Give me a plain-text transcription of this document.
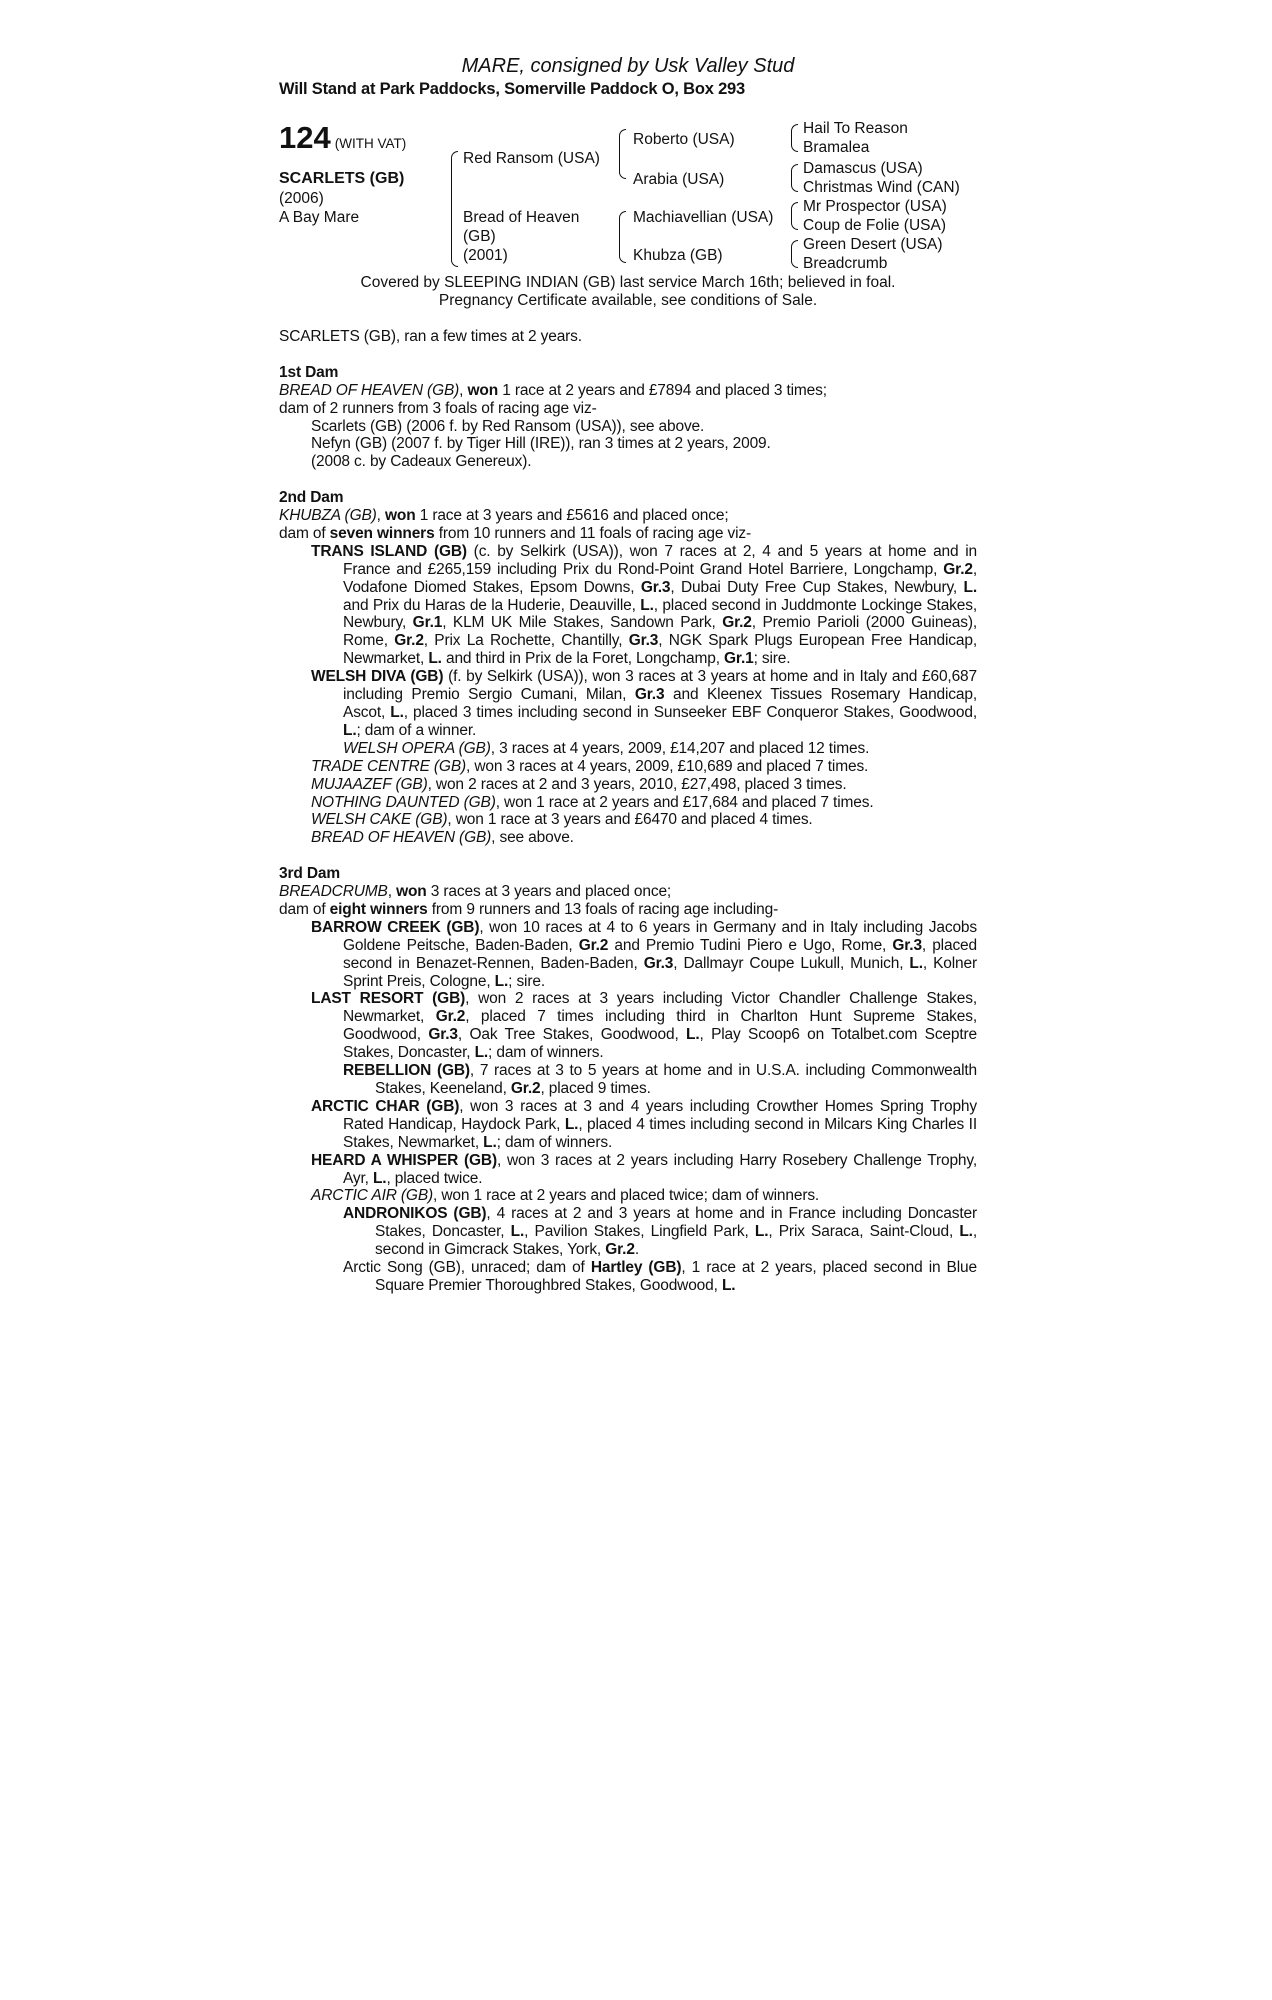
MARE, consigned by Usk Valley Stud
Will Stand at Park Paddocks, Somerville Paddock O, Box 293
124 (WITH VAT)
SCARLETS (GB)
(2006)
A Bay Mare
Red Ransom (USA)
Bread of Heaven
(GB)
(2001)
Roberto (USA)
Arabia (USA)
Machiavellian (USA)
Khubza (GB)
Hail To Reason
Bramalea
Damascus (USA)
Christmas Wind (CAN)
Mr Prospector (USA)
Coup de Folie (USA)
Green Desert (USA)
Breadcrumb
Covered by SLEEPING INDIAN (GB) last service March 16th; believed in foal.
Pregnancy Certificate available, see conditions of Sale.

SCARLETS (GB), ran a few times at 2 years.

1st Dam

BREAD OF HEAVEN (GB), won 1 race at 2 years and £7894 and placed 3 times;

dam of 2 runners from 3 foals of racing age viz-

Scarlets (GB) (2006 f. by Red Ransom (USA)), see above.

Nefyn (GB) (2007 f. by Tiger Hill (IRE)), ran 3 times at 2 years, 2009.

(2008 c. by Cadeaux Genereux).

2nd Dam

KHUBZA (GB), won 1 race at 3 years and £5616 and placed once;

dam of seven winners from 10 runners and 11 foals of racing age viz-

TRANS ISLAND (GB) (c. by Selkirk (USA)), won 7 races at 2, 4 and 5 years at home and in France and £265,159 including Prix du Rond-Point Grand Hotel Barriere, Longchamp, Gr.2, Vodafone Diomed Stakes, Epsom Downs, Gr.3, Dubai Duty Free Cup Stakes, Newbury, L. and Prix du Haras de la Huderie, Deauville, L., placed second in Juddmonte Lockinge Stakes, Newbury, Gr.1, KLM UK Mile Stakes, Sandown Park, Gr.2, Premio Parioli (2000 Guineas), Rome, Gr.2, Prix La Rochette, Chantilly, Gr.3, NGK Spark Plugs European Free Handicap, Newmarket, L. and third in Prix de la Foret, Longchamp, Gr.1; sire.

WELSH DIVA (GB) (f. by Selkirk (USA)), won 3 races at 3 years at home and in Italy and £60,687 including Premio Sergio Cumani, Milan, Gr.3 and Kleenex Tissues Rosemary Handicap, Ascot, L., placed 3 times including second in Sunseeker EBF Conqueror Stakes, Goodwood, L.; dam of a winner.

WELSH OPERA (GB), 3 races at 4 years, 2009, £14,207 and placed 12 times.

TRADE CENTRE (GB), won 3 races at 4 years, 2009, £10,689 and placed 7 times.

MUJAAZEF (GB), won 2 races at 2 and 3 years, 2010, £27,498, placed 3 times.

NOTHING DAUNTED (GB), won 1 race at 2 years and £17,684 and placed 7 times.

WELSH CAKE (GB), won 1 race at 3 years and £6470 and placed 4 times.

BREAD OF HEAVEN (GB), see above.

3rd Dam

BREADCRUMB, won 3 races at 3 years and placed once;

dam of eight winners from 9 runners and 13 foals of racing age including-

BARROW CREEK (GB), won 10 races at 4 to 6 years in Germany and in Italy including Jacobs Goldene Peitsche, Baden-Baden, Gr.2 and Premio Tudini Piero e Ugo, Rome, Gr.3, placed second in Benazet-Rennen, Baden-Baden, Gr.3, Dallmayr Coupe Lukull, Munich, L., Kolner Sprint Preis, Cologne, L.; sire.

LAST RESORT (GB), won 2 races at 3 years including Victor Chandler Challenge Stakes, Newmarket, Gr.2, placed 7 times including third in Charlton Hunt Supreme Stakes, Goodwood, Gr.3, Oak Tree Stakes, Goodwood, L., Play Scoop6 on Totalbet.com Sceptre Stakes, Doncaster, L.; dam of winners.

REBELLION (GB), 7 races at 3 to 5 years at home and in U.S.A. including Commonwealth Stakes, Keeneland, Gr.2, placed 9 times.

ARCTIC CHAR (GB), won 3 races at 3 and 4 years including Crowther Homes Spring Trophy Rated Handicap, Haydock Park, L., placed 4 times including second in Milcars King Charles II Stakes, Newmarket, L.; dam of winners.

HEARD A WHISPER (GB), won 3 races at 2 years including Harry Rosebery Challenge Trophy, Ayr, L., placed twice.

ARCTIC AIR (GB), won 1 race at 2 years and placed twice; dam of winners.

ANDRONIKOS (GB), 4 races at 2 and 3 years at home and in France including Doncaster Stakes, Doncaster, L., Pavilion Stakes, Lingfield Park, L., Prix Saraca, Saint-Cloud, L., second in Gimcrack Stakes, York, Gr.2.

Arctic Song (GB), unraced; dam of Hartley (GB), 1 race at 2 years, placed second in Blue Square Premier Thoroughbred Stakes, Goodwood, L.
